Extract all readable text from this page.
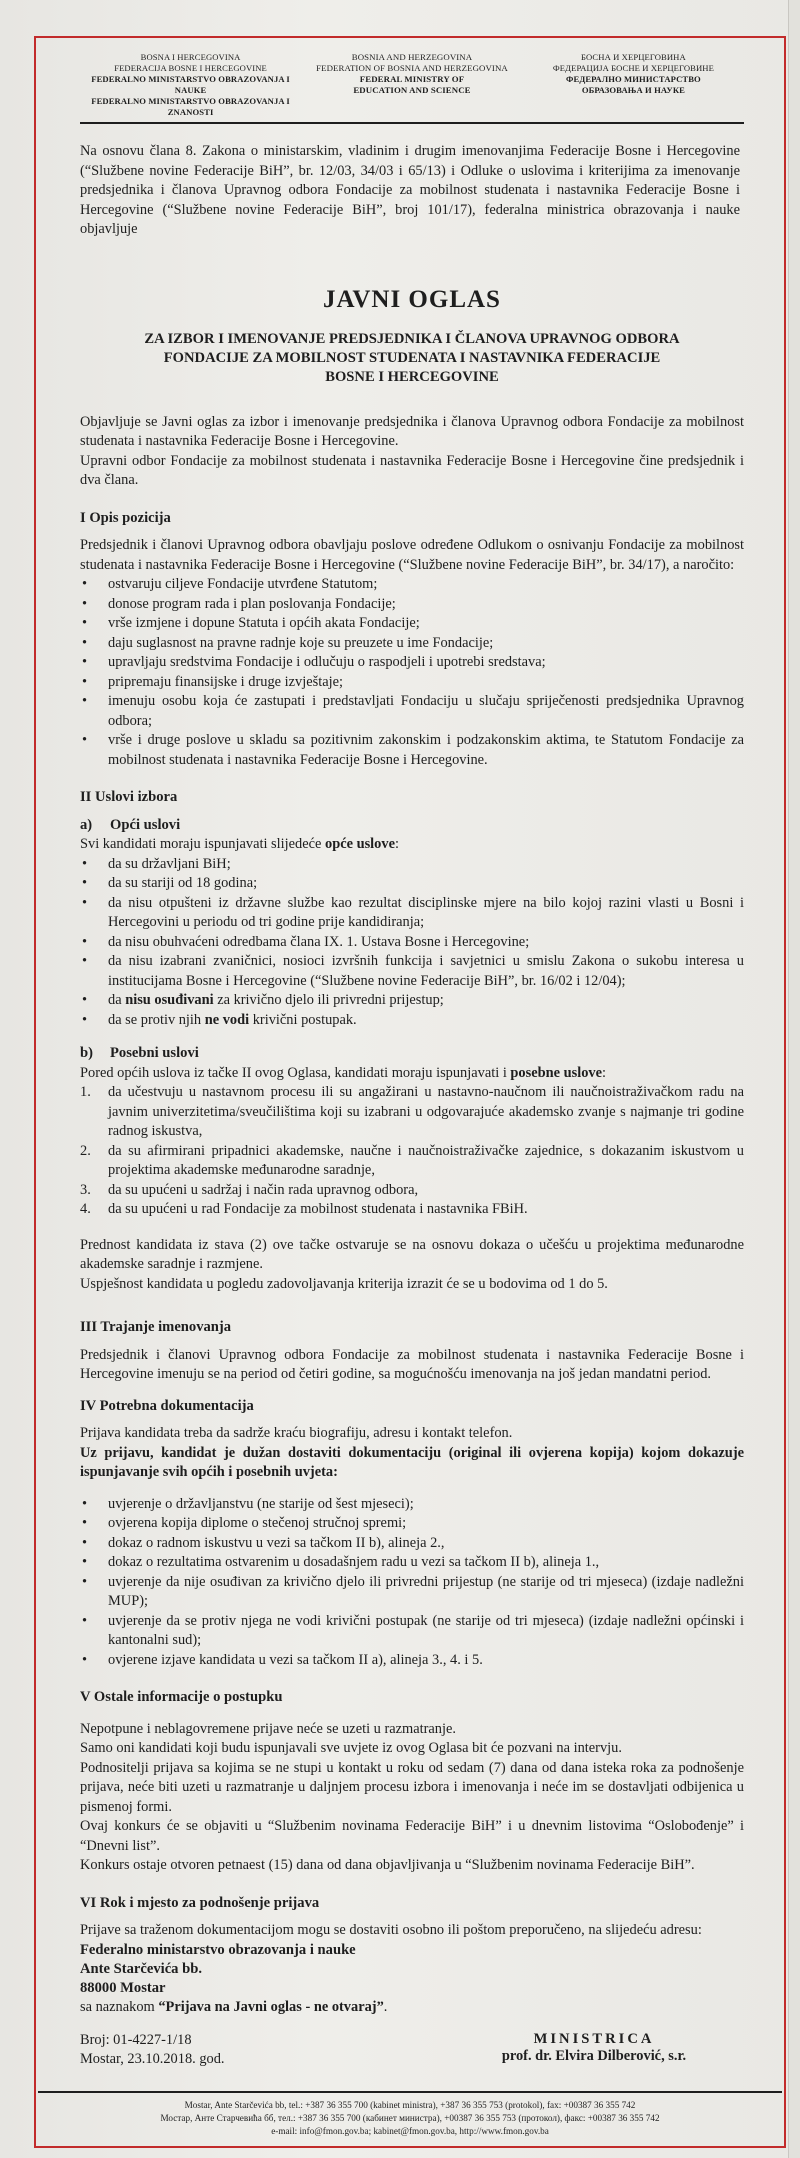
BOSNA I HERCEGOVINA
FEDERACIJA BOSNE I HERCEGOVINE
FEDERALNO MINISTARSTVO OBRAZOVANJA I NAUKE
FEDERALNO MINISTARSTVO OBRAZOVANJA I ZNANOSTI
BOSNIA AND HERZEGOVINA
FEDERATION OF BOSNIA AND HERZEGOVINA
FEDERAL MINISTRY OF
EDUCATION AND SCIENCE
БОСНА И ХЕРЦЕГОВИНА
ФЕДЕРАЦИЈА БОСНЕ И ХЕРЦЕГОВИНЕ
ФЕДЕРАЛНО МИНИСТАРСТВО
ОБРАЗОВАЊА И НАУКЕ

Na osnovu člana 8. Zakona o ministarskim, vladinim i drugim imenovanjima Federacije Bosne i Hercegovine (“Službene novine Federacije BiH”, br. 12/03, 34/03 i 65/13) i Odluke o uslovima i kriterijima za imenovanje predsjednika i članova Upravnog odbora Fondacije za mobilnost studenata i nastavnika Federacije Bosne i Hercegovine (“Službene novine Federacije BiH”, broj 101/17), federalna ministrica obrazovanja i nauke objavljuje

JAVNI OGLAS
ZA IZBOR I IMENOVANJE PREDSJEDNIKA I ČLANOVA UPRAVNOG ODBORA
FONDACIJE ZA MOBILNOST STUDENATA I NASTAVNIKA FEDERACIJE
BOSNE I HERCEGOVINE

Objavljuje se Javni oglas za izbor i imenovanje predsjednika i članova Upravnog odbora Fondacije za mobilnost studenata i nastavnika Federacije Bosne i Hercegovine.

Upravni odbor Fondacije za mobilnost studenata i nastavnika Federacije Bosne i Hercegovine čine predsjednik i dva člana.

I Opis pozicija

Predsjednik i članovi Upravnog odbora obavljaju poslove određene Odlukom o osnivanju Fondacije za mobilnost studenata i nastavnika Federacije Bosne i Hercegovine (“Službene novine Federacije BiH”, br. 34/17), a naročito:

• ostvaruju ciljeve Fondacije utvrđene Statutom;
• donose program rada i plan poslovanja Fondacije;
• vrše izmjene i dopune Statuta i općih akata Fondacije;
• daju suglasnost na pravne radnje koje su preuzete u ime Fondacije;
• upravljaju sredstvima Fondacije i odlučuju o raspodjeli i upotrebi sredstava;
• pripremaju finansijske i druge izvještaje;
• imenuju osobu koja će zastupati i predstavljati Fondaciju u slučaju spriječenosti predsjednika Upravnog odbora;
• vrše i druge poslove u skladu sa pozitivnim zakonskim i podzakonskim aktima, te Statutom Fondacije za mobilnost studenata i nastavnika Federacije Bosne i Hercegovine.
II Uslovi izbora
a)	Opći uslovi

Svi kandidati moraju ispunjavati slijedeće opće uslove:

• da su državljani BiH;
• da su stariji od 18 godina;
• da nisu otpušteni iz državne službe kao rezultat disciplinske mjere na bilo kojoj razini vlasti u Bosni i Hercegovini u periodu od tri godine prije kandidiranja;
• da nisu obuhvaćeni odredbama člana IX. 1. Ustava Bosne i Hercegovine;
• da nisu izabrani zvaničnici, nosioci izvršnih funkcija i savjetnici u smislu Zakona o sukobu interesa u institucijama Bosne i Hercegovine (“Službene novine Federacije BiH”, br. 16/02 i 12/04);
• da nisu osuđivani za krivično djelo ili privredni prijestup;
• da se protiv njih ne vodi krivični postupak.
b)	Posebni uslovi

Pored općih uslova iz tačke II ovog Oglasa, kandidati moraju ispunjavati i posebne uslove:

1. da učestvuju u nastavnom procesu ili su angažirani u nastavno-naučnom ili naučnoistraživačkom radu na javnim univerzitetima/sveučilištima koji su izabrani u odgovarajuće akademsko zvanje s najmanje tri godine radnog iskustva,
2. da su afirmirani pripadnici akademske, naučne i naučnoistraživačke zajednice, s dokazanim iskustvom u projektima akademske međunarodne saradnje,
3. da su upućeni u sadržaj i način rada upravnog odbora,
4. da su upućeni u rad Fondacije za mobilnost studenata i nastavnika FBiH.

Prednost kandidata iz stava (2) ove tačke ostvaruje se na osnovu dokaza o učešću u projektima međunarodne akademske saradnje i razmjene.

Uspješnost kandidata u pogledu zadovoljavanja kriterija izrazit će se u bodovima od 1 do 5.

III Trajanje imenovanja

Predsjednik i članovi Upravnog odbora Fondacije za mobilnost studenata i nastavnika Federacije Bosne i Hercegovine imenuju se na period od četiri godine, sa mogućnošću imenovanja na još jedan mandatni period.

IV Potrebna dokumentacija

Prijava kandidata treba da sadrže kraću biografiju, adresu i kontakt telefon.

Uz prijavu, kandidat je dužan dostaviti dokumentaciju (original ili ovjerena kopija) kojom dokazuje ispunjavanje svih općih i posebnih uvjeta:

• uvjerenje o državljanstvu (ne starije od šest mjeseci);
• ovjerena kopija diplome o stečenoj stručnoj spremi;
• dokaz o radnom iskustvu u vezi sa tačkom II b), alineja 2.,
• dokaz o rezultatima ostvarenim u dosadašnjem radu u vezi sa tačkom II b), alineja 1.,
• uvjerenje da nije osuđivan za krivično djelo ili privredni prijestup (ne starije od tri mjeseca) (izdaje nadležni MUP);
• uvjerenje da se protiv njega ne vodi krivični postupak (ne starije od tri mjeseca) (izdaje nadležni općinski i kantonalni sud);
• ovjerene izjave kandidata u vezi sa tačkom II a), alineja 3., 4. i 5.
V Ostale informacije o postupku

Nepotpune i neblagovremene prijave neće se uzeti u razmatranje.

Samo oni kandidati koji budu ispunjavali sve uvjete iz ovog Oglasa bit će pozvani na intervju.

Podnositelji prijava sa kojima se ne stupi u kontakt u roku od sedam (7) dana od dana isteka roka za podnošenje prijava, neće biti uzeti u razmatranje u daljnjem procesu izbora i imenovanja i neće im se dostavljati odbijenica u pismenoj formi.

Ovaj konkurs će se objaviti u “Službenim novinama Federacije BiH” i u dnevnim listovima “Oslobođenje” i “Dnevni list”.

Konkurs ostaje otvoren petnaest (15) dana od dana objavljivanja u “Službenim novinama Federacije BiH”.

VI Rok i mjesto za podnošenje prijava

Prijave sa traženom dokumentacijom mogu se dostaviti osobno ili poštom preporučeno, na slijedeću adresu:

Federalno ministarstvo obrazovanja i nauke
Ante Starčevića bb.
88000 Mostar

sa naznakom “Prijava na Javni oglas - ne otvaraj”.

Broj: 01-4227-1/18
Mostar, 23.10.2018. god.
MINISTRICA
prof. dr. Elvira Dilberović, s.r.
Mostar, Ante Starčevića bb, tel.: +387 36 355 700 (kabinet ministra), +387 36 355 753 (protokol), fax: +00387 36 355 742
Мостар, Анте Старчевића бб, тел.: +387 36 355 700 (кабинет министра), +00387 36 355 753 (протокол), факс: +00387 36 355 742
e-mail: info@fmon.gov.ba; kabinet@fmon.gov.ba, http://www.fmon.gov.ba
